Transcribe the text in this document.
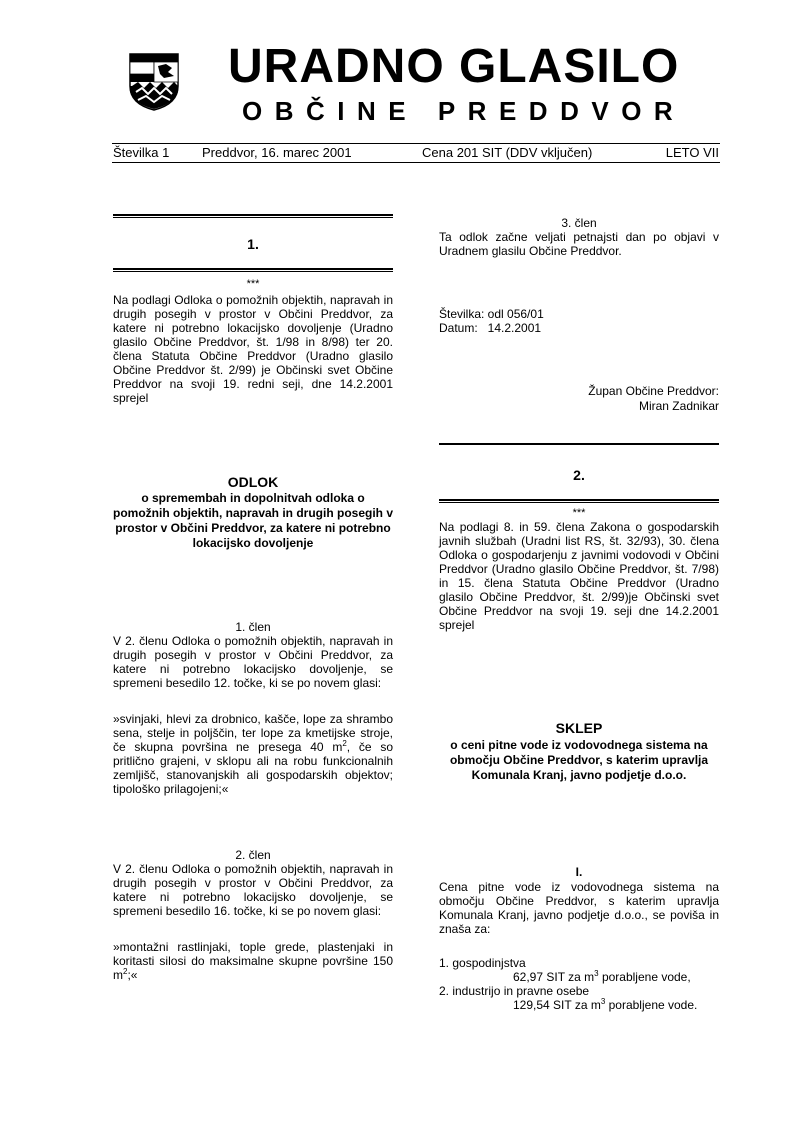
URADNO GLASILO
OBČINE PREDDVOR
Številka 1	Preddvor, 16. marec 2001	Cena 201 SIT (DDV vključen)	LETO VII
1.
***
Na podlagi Odloka o pomožnih objektih, napravah in drugih posegih v prostor v Občini Preddvor, za katere ni potrebno lokacijsko dovoljenje (Uradno glasilo Občine Preddvor, št. 1/98 in 8/98) ter 20. člena Statuta Občine Preddvor (Uradno glasilo Občine Preddvor št. 2/99) je Občinski svet Občine Preddvor na svoji 19. redni seji, dne 14.2.2001 sprejel
ODLOK
o spremembah in dopolnitvah odloka o pomožnih objektih, napravah in drugih posegih v prostor v Občini Preddvor, za katere ni potrebno lokacijsko dovoljenje
1. člen
V 2. členu Odloka o pomožnih objektih, napravah in drugih posegih v prostor v Občini Preddvor, za katere ni potrebno lokacijsko dovoljenje, se spremeni besedilo 12. točke, ki se po novem glasi:
»svinjaki, hlevi za drobnico, kašče, lope za shrambo sena, stelje in poljščin, ter lope za kmetijske stroje, če skupna površina ne presega 40 $m^2$, če so pritlično grajeni, v sklopu ali na robu funkcionalnih zemljišč, stanovanjskih ali gospodarskih objektov; tipološko prilagojeni;«
2. člen
V 2. členu Odloka o pomožnih objektih, napravah in drugih posegih v prostor v Občini Preddvor, za katere ni potrebno lokacijsko dovoljenje, se spremeni besedilo 16. točke, ki se po novem glasi:
»montažni rastlinjaki, tople grede, plastenjaki in koritasti silosi do maksimalne skupne površine 150 $m^2;«$
3. člen
Ta odlok začne veljati petnajsti dan po objavi v Uradnem glasilu Občine Preddvor.
Številka: odl 056/01
Datum:   14.2.2001
Župan Občine Preddvor:
Miran Zadnikar
2.
***
Na podlagi 8. in 59. člena Zakona o gospodarskih javnih službah (Uradni list RS, št. 32/93), 30. člena Odloka o gospodarjenju z javnimi vodovodi v Občini Preddvor (Uradno glasilo Občine Preddvor, št. 7/98) in 15. člena Statuta Občine Preddvor (Uradno glasilo Občine Preddvor, št. 2/99)je Občinski svet Občine Preddvor na svoji 19. seji dne 14.2.2001 sprejel
SKLEP
o ceni pitne vode iz vodovodnega sistema na območju Občine Preddvor, s katerim upravlja Komunala Kranj, javno podjetje d.o.o.
I.
Cena pitne vode iz vodovodnega sistema na območju Občine Preddvor, s katerim upravlja Komunala Kranj, javno podjetje d.o.o., se poviša in znaša za:
1. gospodinjstva
62,97 SIT za $m^3$ porabljene vode,
2. industrijo in pravne osebe
129,54 SIT za $m^3$ porabljene vode.
